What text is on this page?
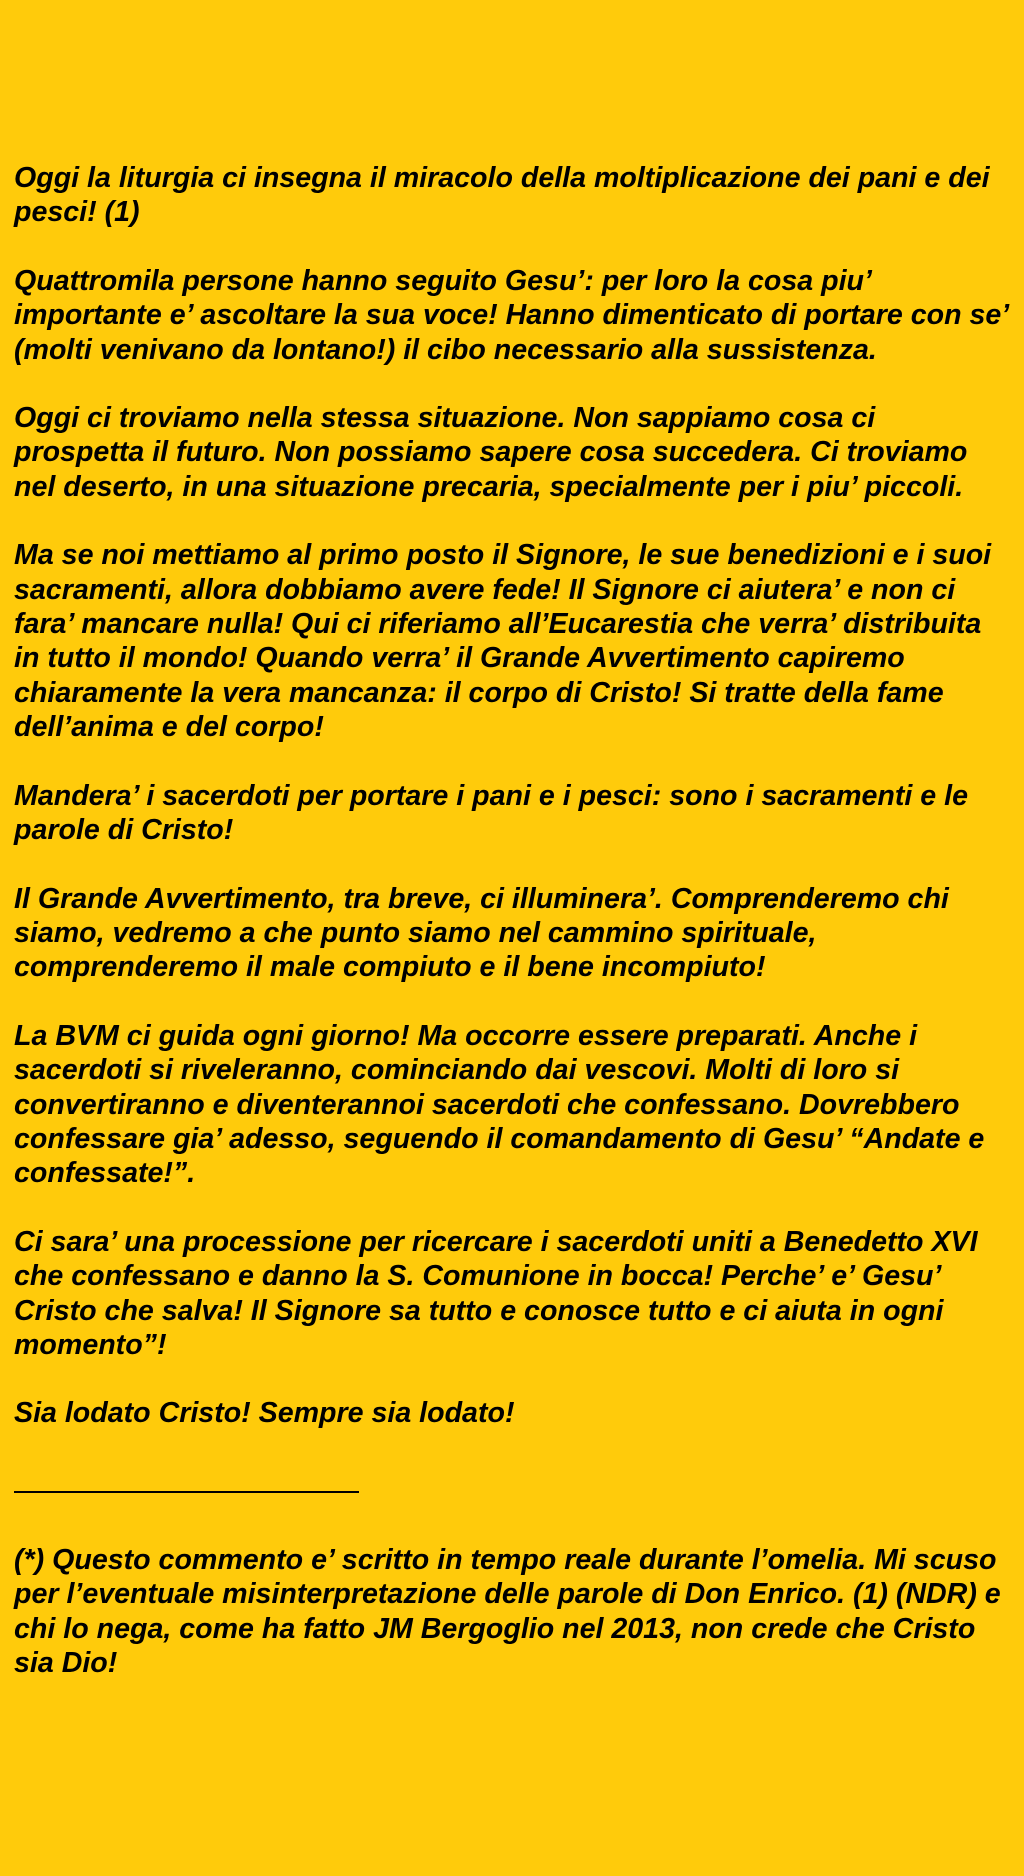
Oggi la liturgia ci insegna il miracolo della moltiplicazione dei pani e dei pesci! (1)

Quattromila persone hanno seguito Gesu’: per loro la cosa piu’ importante e’ ascoltare la sua voce! Hanno dimenticato di portare con se’ (molti venivano da lontano!) il cibo necessario alla sussistenza.

Oggi ci troviamo nella stessa situazione. Non sappiamo cosa ci prospetta il futuro. Non possiamo sapere cosa succedera. Ci troviamo nel deserto, in una situazione precaria, specialmente per i piu’ piccoli.

Ma se noi mettiamo al primo posto il Signore, le sue benedizioni e i suoi sacramenti, allora dobbiamo avere fede! Il Signore ci aiutera’ e non ci fara’ mancare nulla! Qui ci riferiamo all’Eucarestia che verra’ distribuita in tutto il mondo! Quando verra’ il Grande Avvertimento capiremo chiaramente la vera mancanza: il corpo di Cristo! Si tratte della fame dell’anima e del corpo!

Mandera’ i sacerdoti per portare i pani e i pesci: sono i sacramenti e le parole di Cristo!

Il Grande Avvertimento, tra breve, ci illuminera’. Comprenderemo chi siamo, vedremo a che punto siamo nel cammino spirituale, comprenderemo il male compiuto e il bene incompiuto!

La BVM ci guida ogni giorno! Ma occorre essere preparati. Anche i sacerdoti si riveleranno, cominciando dai vescovi. Molti di loro si convertiranno e diventerannoi sacerdoti che confessano. Dovrebbero confessare gia’ adesso, seguendo il comandamento di Gesu’ “Andate e confessate!”.

Ci sara’ una processione per ricercare i sacerdoti uniti a Benedetto XVI che confessano e danno la S. Comunione in bocca! Perche’ e’ Gesu’ Cristo che salva! Il Signore sa tutto e conosce tutto e ci aiuta in ogni momento”!

Sia lodato Cristo! Sempre sia lodato!

(*) Questo commento e’ scritto in tempo reale durante l’omelia. Mi scuso per l’eventuale misinterpretazione delle parole di Don Enrico. (1) (NDR) e chi lo nega, come ha fatto JM Bergoglio nel 2013, non crede che Cristo sia Dio!
